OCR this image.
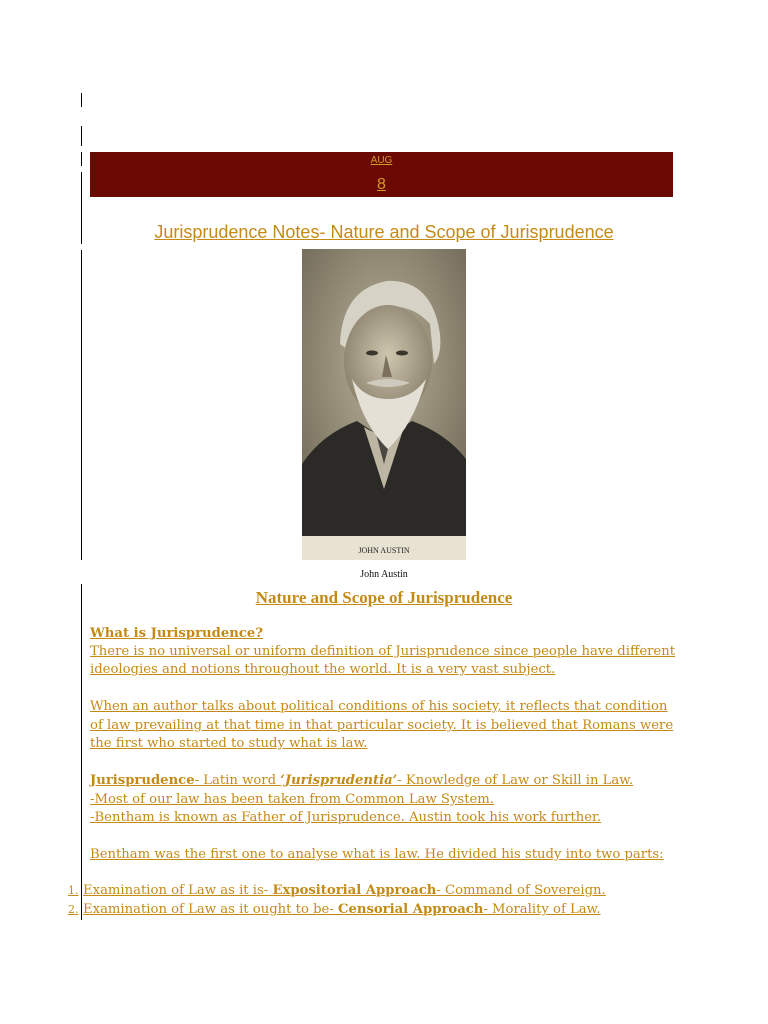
AUG
8
Jurisprudence Notes- Nature and Scope of Jurisprudence
JOHN AUSTIN
John Austin
Nature and Scope of Jurisprudence
What is Jurisprudence?
There is no universal or uniform definition of Jurisprudence since people have different
ideologies and notions throughout the world. It is a very vast subject.
When an author talks about political conditions of his society, it reflects that condition
of law prevailing at that time in that particular society. It is believed that Romans were
the first who started to study what is law.
Jurisprudence- Latin word ‘Jurisprudentia’- Knowledge of Law or Skill in Law.
-Most of our law has been taken from Common Law System.
-Bentham is known as Father of Jurisprudence. Austin took his work further.
Bentham was the first one to analyse what is law. He divided his study into two parts:
1. Examination of Law as it is- Expositorial Approach- Command of Sovereign.
2. Examination of Law as it ought to be- Censorial Approach- Morality of Law.
